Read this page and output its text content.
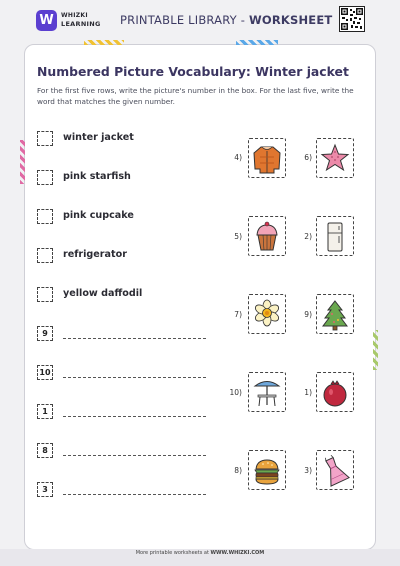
W	WHIZKI
LEARNING PRINTABLE LIBRARY - WORKSHEET
Numbered Picture Vocabulary: Winter jacket
For the first five rows, write the picture's number in the box. For the last five, write the word that matches the given number.
winter jacket
pink starfish
pink cupcake
refrigerator
yellow daffodil
9
10
1
8
3
4)	6)
5)	2)
7)	9)
10)	1)
8)	3)
More printable worksheets at WWW.WHIZKI.COM
